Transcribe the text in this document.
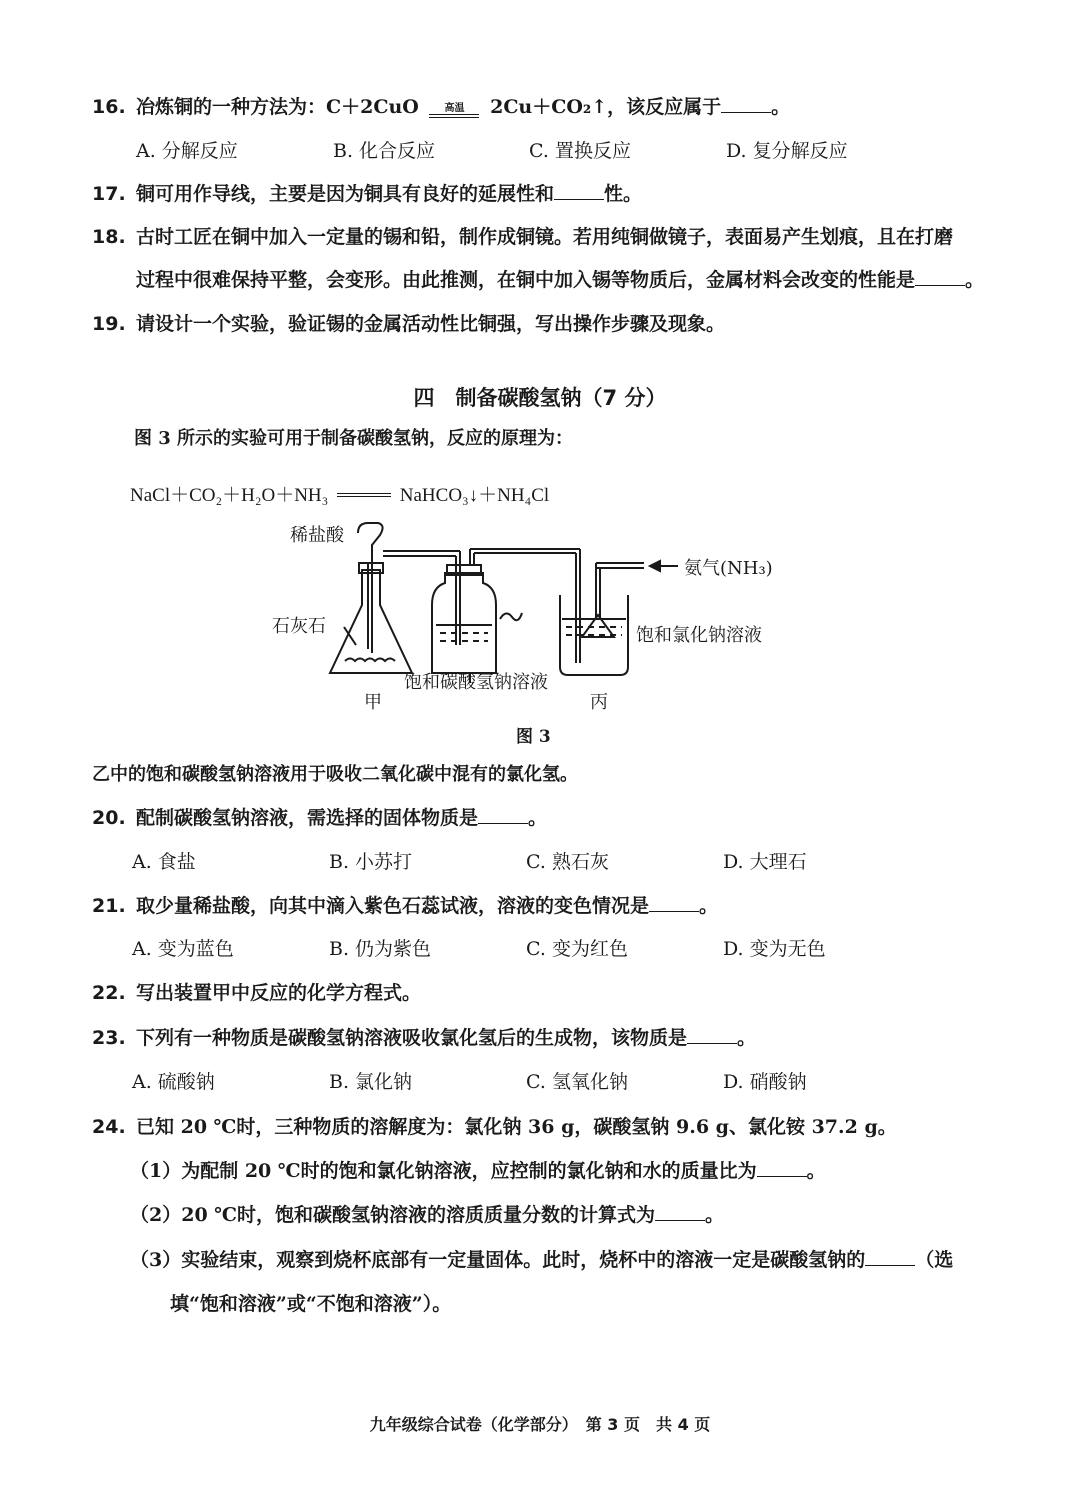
16. 冶炼铜的一种方法为：C＋2CuO	高温	2Cu＋CO₂↑，该反应属于	。
A. 分解反应	B. 化合反应	C. 置换反应	D. 复分解反应
17. 铜可用作导线，主要是因为铜具有良好的延展性和	性。
18. 古时工匠在铜中加入一定量的锡和铅，制作成铜镜。若用纯铜做镜子，表面易产生划痕，且在打磨
过程中很难保持平整，会变形。由此推测，在铜中加入锡等物质后，金属材料会改变的性能是	。
19. 请设计一个实验，验证锡的金属活动性比铜强，写出操作步骤及现象。
四　制备碳酸氢钠（7 分）
图 3 所示的实验可用于制备碳酸氢钠，反应的原理为：
NaCl＋CO₂＋H₂O＋NH₃	NaHCO₃↓＋NH₄Cl
稀盐酸
石灰石
氨气(NH₃)
饱和氯化钠溶液
饱和碳酸氢钠溶液
甲	丙
图 3
乙中的饱和碳酸氢钠溶液用于吸收二氧化碳中混有的氯化氢。
20. 配制碳酸氢钠溶液，需选择的固体物质是	。
A. 食盐	B. 小苏打	C. 熟石灰	D. 大理石
21. 取少量稀盐酸，向其中滴入紫色石蕊试液，溶液的变色情况是	。
A. 变为蓝色	B. 仍为紫色	C. 变为红色	D. 变为无色
22. 写出装置甲中反应的化学方程式。
23. 下列有一种物质是碳酸氢钠溶液吸收氯化氢后的生成物，该物质是	。
A. 硫酸钠	B. 氯化钠	C. 氢氧化钠	D. 硝酸钠
24. 已知 20 ℃时，三种物质的溶解度为：氯化钠 36 g，碳酸氢钠 9.6 g、氯化铵 37.2 g。
（1）为配制 20 ℃时的饱和氯化钠溶液，应控制的氯化钠和水的质量比为	。
（2）20 ℃时，饱和碳酸氢钠溶液的溶质质量分数的计算式为	。
（3）实验结束，观察到烧杯底部有一定量固体。此时，烧杯中的溶液一定是碳酸氢钠的	（选
填“饱和溶液”或“不饱和溶液”）。
九年级综合试卷（化学部分）　第 3 页　共 4 页
